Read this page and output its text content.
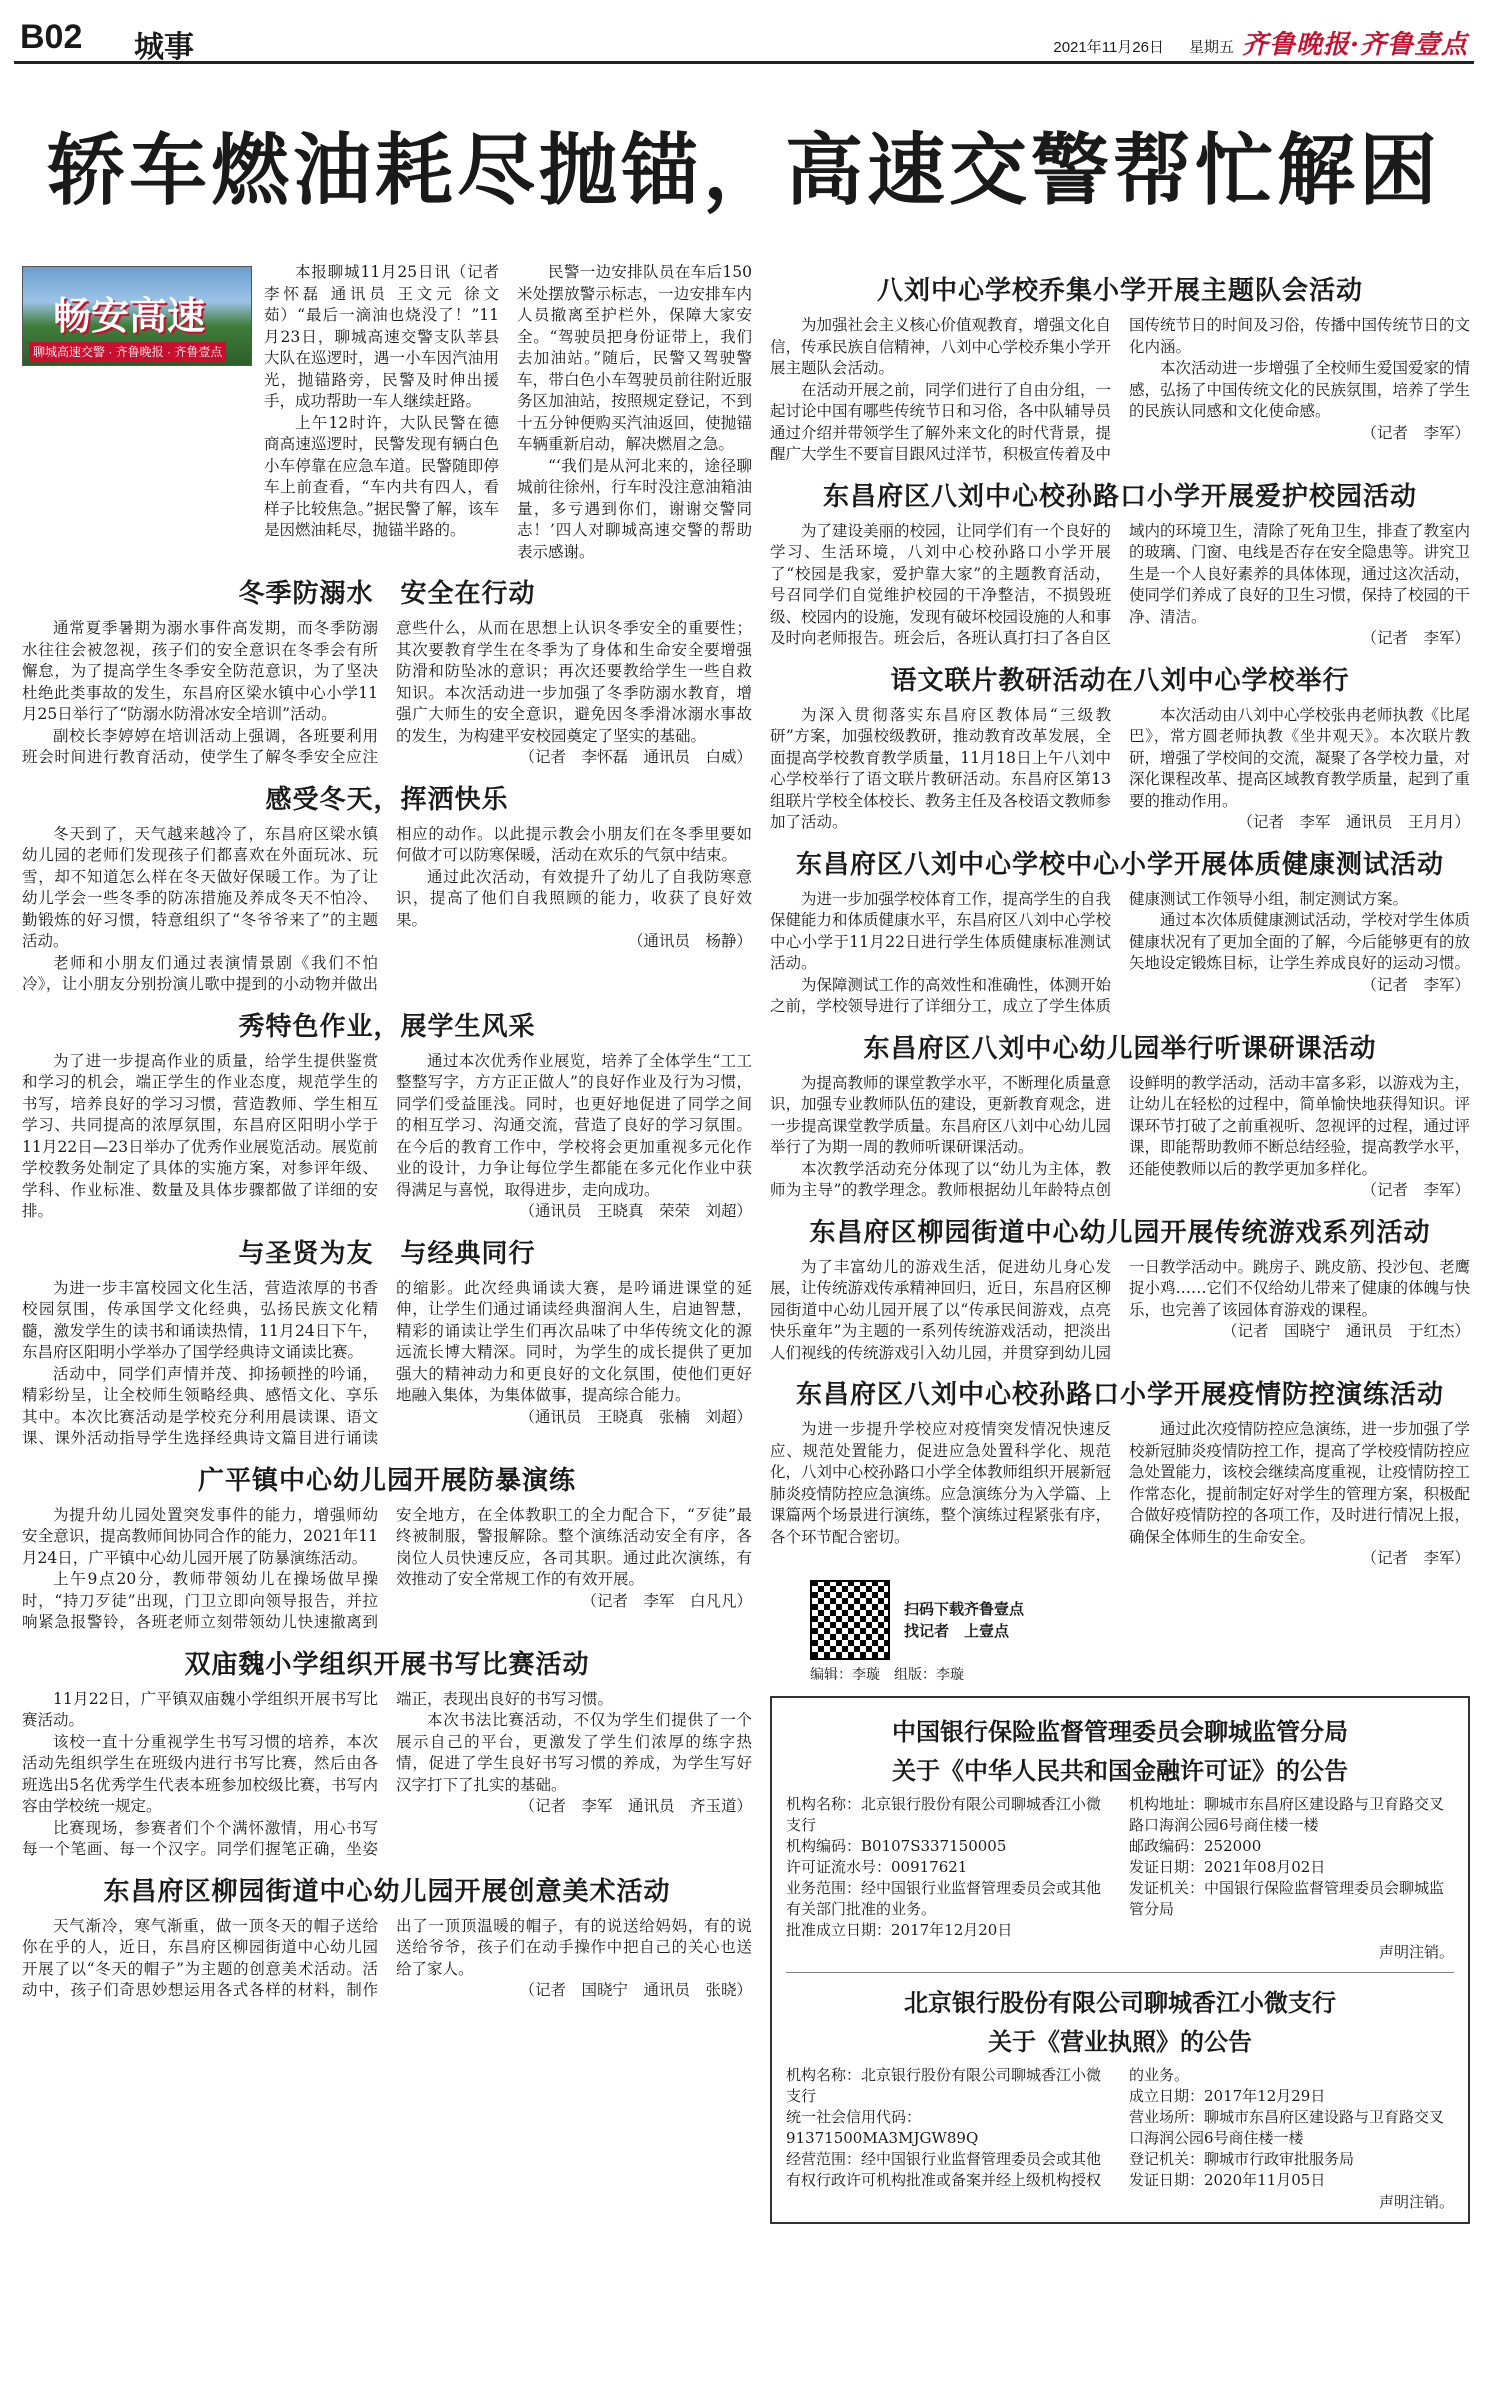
B02 城事	2021年11月26日 星期五 齐鲁晚报·齐鲁壹点
轿车燃油耗尽抛锚，高速交警帮忙解困
畅安高速
聊城高速交警 · 齐鲁晚报 · 齐鲁壹点

本报聊城11月25日讯（记者 李怀磊 通讯员 王文元 徐文茹）“最后一滴油也烧没了！”11月23日，聊城高速交警支队莘县大队在巡逻时，遇一小车因汽油用光，抛锚路旁，民警及时伸出援手，成功帮助一车人继续赶路。

上午12时许，大队民警在德商高速巡逻时，民警发现有辆白色小车停靠在应急车道。民警随即停车上前查看，“车内共有四人，看样子比较焦急。”据民警了解，该车是因燃油耗尽，抛锚半路的。

民警一边安排队员在车后150米处摆放警示标志，一边安排车内人员撤离至护栏外，保障大家安全。“驾驶员把身份证带上，我们去加油站。”随后，民警又驾驶警车，带白色小车驾驶员前往附近服务区加油站，按照规定登记，不到十五分钟便购买汽油返回，使抛锚车辆重新启动，解决燃眉之急。

“‘我们是从河北来的，途径聊城前往徐州，行车时没注意油箱油量，多亏遇到你们，谢谢交警同志！’四人对聊城高速交警的帮助表示感谢。

冬季防溺水　安全在行动

通常夏季暑期为溺水事件高发期，而冬季防溺水往往会被忽视，孩子们的安全意识在冬季会有所懈怠，为了提高学生冬季安全防范意识，为了坚决杜绝此类事故的发生，东昌府区梁水镇中心小学11月25日举行了“防溺水防滑冰安全培训”活动。

副校长李婷婷在培训活动上强调，各班要利用班会时间进行教育活动，使学生了解冬季安全应注意些什么，从而在思想上认识冬季安全的重要性；其次要教育学生在冬季为了身体和生命安全要增强防滑和防坠冰的意识；再次还要教给学生一些自救知识。本次活动进一步加强了冬季防溺水教育，增强广大师生的安全意识，避免因冬季滑冰溺水事故的发生，为构建平安校园奠定了坚实的基础。

（记者　李怀磊　通讯员　白威）

感受冬天，挥洒快乐

冬天到了，天气越来越冷了，东昌府区梁水镇幼儿园的老师们发现孩子们都喜欢在外面玩冰、玩雪，却不知道怎么样在冬天做好保暖工作。为了让幼儿学会一些冬季的防冻措施及养成冬天不怕冷、勤锻炼的好习惯，特意组织了“冬爷爷来了”的主题活动。

老师和小朋友们通过表演情景剧《我们不怕冷》，让小朋友分别扮演儿歌中提到的小动物并做出相应的动作。以此提示教会小朋友们在冬季里要如何做才可以防寒保暖，活动在欢乐的气氛中结束。

通过此次活动，有效提升了幼儿了自我防寒意识，提高了他们自我照顾的能力，收获了良好效果。

（通讯员　杨静）

秀特色作业，展学生风采

为了进一步提高作业的质量，给学生提供鉴赏和学习的机会，端正学生的作业态度，规范学生的书写，培养良好的学习习惯，营造教师、学生相互学习、共同提高的浓厚氛围，东昌府区阳明小学于11月22日—23日举办了优秀作业展览活动。展览前学校教务处制定了具体的实施方案，对参评年级、学科、作业标准、数量及具体步骤都做了详细的安排。

通过本次优秀作业展览，培养了全体学生“工工整整写字，方方正正做人”的良好作业及行为习惯，同学们受益匪浅。同时，也更好地促进了同学之间的相互学习、沟通交流，营造了良好的学习氛围。在今后的教育工作中，学校将会更加重视多元化作业的设计，力争让每位学生都能在多元化作业中获得满足与喜悦，取得进步，走向成功。

（通讯员　王晓真　荣荣　刘超）

与圣贤为友　与经典同行

为进一步丰富校园文化生活，营造浓厚的书香校园氛围，传承国学文化经典，弘扬民族文化精髓，激发学生的读书和诵读热情，11月24日下午，东昌府区阳明小学举办了国学经典诗文诵读比赛。

活动中，同学们声情并茂、抑扬顿挫的吟诵，精彩纷呈，让全校师生领略经典、感悟文化、享乐其中。本次比赛活动是学校充分利用晨读课、语文课、课外活动指导学生选择经典诗文篇目进行诵读的缩影。此次经典诵读大赛，是吟诵进课堂的延伸，让学生们通过诵读经典溜润人生，启迪智慧，精彩的诵读让学生们再次品味了中华传统文化的源远流长博大精深。同时，为学生的成长提供了更加强大的精神动力和更良好的文化氛围，使他们更好地融入集体，为集体做事，提高综合能力。

（通讯员　王晓真　张楠　刘超）

广平镇中心幼儿园开展防暴演练

为提升幼儿园处置突发事件的能力，增强师幼安全意识，提高教师间协同合作的能力，2021年11月24日，广平镇中心幼儿园开展了防暴演练活动。

上午9点20分，教师带领幼儿在操场做早操时，“持刀歹徒”出现，门卫立即向领导报告，并拉响紧急报警铃，各班老师立刻带领幼儿快速撤离到安全地方，在全体教职工的全力配合下，“歹徒”最终被制服，警报解除。整个演练活动安全有序，各岗位人员快速反应，各司其职。通过此次演练，有效推动了安全常规工作的有效开展。

（记者　李军　白凡凡）

双庙魏小学组织开展书写比赛活动

11月22日，广平镇双庙魏小学组织开展书写比赛活动。

该校一直十分重视学生书写习惯的培养，本次活动先组织学生在班级内进行书写比赛，然后由各班选出5名优秀学生代表本班参加校级比赛，书写内容由学校统一规定。

比赛现场，参赛者们个个满怀激情，用心书写每一个笔画、每一个汉字。同学们握笔正确，坐姿端正，表现出良好的书写习惯。

本次书法比赛活动，不仅为学生们提供了一个展示自己的平台，更激发了学生们浓厚的练字热情，促进了学生良好书写习惯的养成，为学生写好汉字打下了扎实的基础。

（记者　李军　通讯员　齐玉道）

东昌府区柳园街道中心幼儿园开展创意美术活动

天气渐冷，寒气渐重，做一顶冬天的帽子送给你在乎的人，近日，东昌府区柳园街道中心幼儿园开展了以“冬天的帽子”为主题的创意美术活动。活动中，孩子们奇思妙想运用各式各样的材料，制作出了一顶顶温暖的帽子，有的说送给妈妈，有的说送给爷爷，孩子们在动手操作中把自己的关心也送给了家人。

（记者　国晓宁　通讯员　张晓）

八刘中心学校乔集小学开展主题队会活动

为加强社会主义核心价值观教育，增强文化自信，传承民族自信精神，八刘中心学校乔集小学开展主题队会活动。

在活动开展之前，同学们进行了自由分组，一起讨论中国有哪些传统节日和习俗，各中队辅导员通过介绍并带领学生了解外来文化的时代背景，提醒广大学生不要盲目跟风过洋节，积极宣传着及中国传统节日的时间及习俗，传播中国传统节日的文化内涵。

本次活动进一步增强了全校师生爱国爱家的情感，弘扬了中国传统文化的民族氛围，培养了学生的民族认同感和文化使命感。

（记者　李军）

东昌府区八刘中心校孙路口小学开展爱护校园活动

为了建设美丽的校园，让同学们有一个良好的学习、生活环境，八刘中心校孙路口小学开展了“校园是我家，爱护靠大家”的主题教育活动，号召同学们自觉维护校园的干净整洁，不损毁班级、校园内的设施，发现有破坏校园设施的人和事及时向老师报告。班会后，各班认真打扫了各自区域内的环境卫生，清除了死角卫生，排查了教室内的玻璃、门窗、电线是否存在安全隐患等。讲究卫生是一个人良好素养的具体体现，通过这次活动，使同学们养成了良好的卫生习惯，保持了校园的干净、清洁。

（记者　李军）

语文联片教研活动在八刘中心学校举行

为深入贯彻落实东昌府区教体局“三级教研”方案，加强校级教研，推动教育改革发展，全面提高学校教育教学质量，11月18日上午八刘中心学校举行了语文联片教研活动。东昌府区第13组联片学校全体校长、教务主任及各校语文教师参加了活动。

本次活动由八刘中心学校张冉老师执教《比尾巴》，常方圆老师执教《坐井观天》。本次联片教研，增强了学校间的交流，凝聚了各学校力量，对深化课程改革、提高区域教育教学质量，起到了重要的推动作用。

（记者　李军　通讯员　王月月）

东昌府区八刘中心学校中心小学开展体质健康测试活动

为进一步加强学校体育工作，提高学生的自我保健能力和体质健康水平，东昌府区八刘中心学校中心小学于11月22日进行学生体质健康标准测试活动。

为保障测试工作的高效性和准确性，体测开始之前，学校领导进行了详细分工，成立了学生体质健康测试工作领导小组，制定测试方案。

通过本次体质健康测试活动，学校对学生体质健康状况有了更加全面的了解，今后能够更有的放矢地设定锻炼目标，让学生养成良好的运动习惯。

（记者　李军）

东昌府区八刘中心幼儿园举行听课研课活动

为提高教师的课堂教学水平，不断理化质量意识，加强专业教师队伍的建设，更新教育观念，进一步提高课堂教学质量。东昌府区八刘中心幼儿园举行了为期一周的教师听课研课活动。

本次教学活动充分体现了以“幼儿为主体，教师为主导”的教学理念。教师根据幼儿年龄特点创设鲜明的教学活动，活动丰富多彩，以游戏为主，让幼儿在轻松的过程中，简单愉快地获得知识。评课环节打破了之前重视听、忽视评的过程，通过评课，即能帮助教师不断总结经验，提高教学水平，还能使教师以后的教学更加多样化。

（记者　李军）

东昌府区柳园街道中心幼儿园开展传统游戏系列活动

为了丰富幼儿的游戏生活，促进幼儿身心发展，让传统游戏传承精神回归，近日，东昌府区柳园街道中心幼儿园开展了以“传承民间游戏，点亮快乐童年”为主题的一系列传统游戏活动，把淡出人们视线的传统游戏引入幼儿园，并贯穿到幼儿园一日教学活动中。跳房子、跳皮筋、投沙包、老鹰捉小鸡……它们不仅给幼儿带来了健康的体魄与快乐，也完善了该园体育游戏的课程。

（记者　国晓宁　通讯员　于红杰）

东昌府区八刘中心校孙路口小学开展疫情防控演练活动

为进一步提升学校应对疫情突发情况快速反应、规范处置能力，促进应急处置科学化、规范化，八刘中心校孙路口小学全体教师组织开展新冠肺炎疫情防控应急演练。应急演练分为入学篇、上课篇两个场景进行演练，整个演练过程紧张有序，各个环节配合密切。

通过此次疫情防控应急演练，进一步加强了学校新冠肺炎疫情防控工作，提高了学校疫情防控应急处置能力，该校会继续高度重视，让疫情防控工作常态化，提前制定好对学生的管理方案，积极配合做好疫情防控的各项工作，及时进行情况上报，确保全体师生的生命安全。

（记者　李军）

扫码下载齐鲁壹点
找记者　上壹点
编辑：李璇　组版：李璇
中国银行保险监督管理委员会聊城监管分局
关于《中华人民共和国金融许可证》的公告

机构名称：北京银行股份有限公司聊城香江小微支行

机构编码：B0107S337150005

许可证流水号：00917621

业务范围：经中国银行业监督管理委员会或其他有关部门批准的业务。

批准成立日期：2017年12月20日

机构地址：聊城市东昌府区建设路与卫育路交叉路口海润公园6号商住楼一楼

邮政编码：252000

发证日期：2021年08月02日

发证机关：中国银行保险监督管理委员会聊城监管分局

声明注销。
北京银行股份有限公司聊城香江小微支行
关于《营业执照》的公告

机构名称：北京银行股份有限公司聊城香江小微支行

统一社会信用代码：91371500MA3MJGW89Q

经营范围：经中国银行业监督管理委员会或其他有权行政许可机构批准或备案并经上级机构授权的业务。

成立日期：2017年12月29日

营业场所：聊城市东昌府区建设路与卫育路交叉口海润公园6号商住楼一楼

登记机关：聊城市行政审批服务局

发证日期：2020年11月05日

声明注销。
